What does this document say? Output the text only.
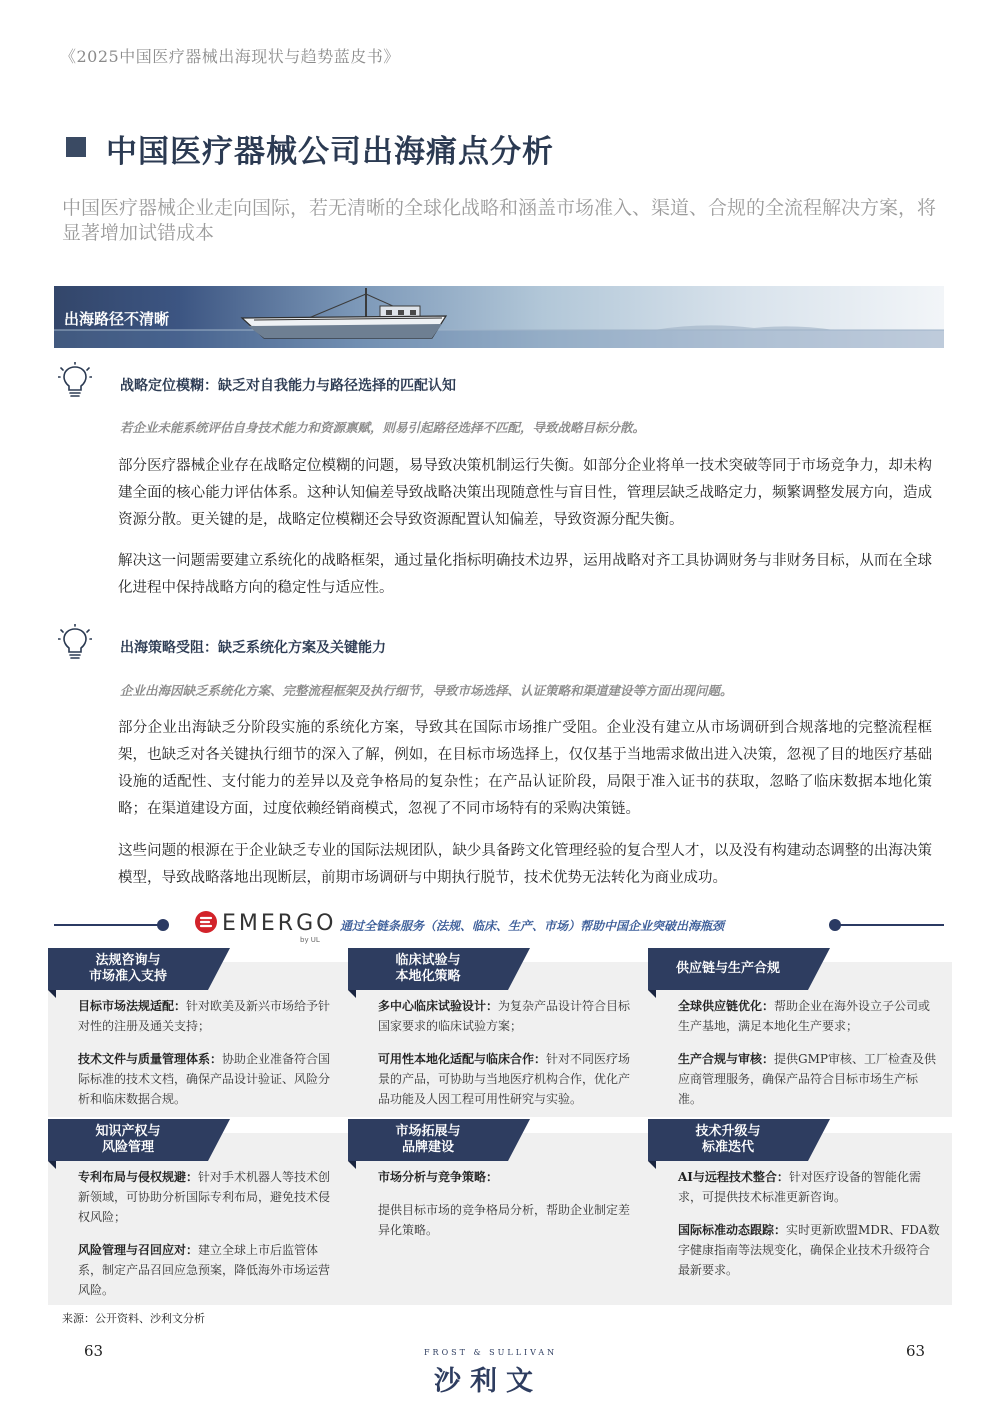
《2025中国医疗器械出海现状与趋势蓝皮书》
中国医疗器械公司出海痛点分析
中国医疗器械企业走向国际，若无清晰的全球化战略和涵盖市场准入、渠道、合规的全流程解决方案，将显著增加试错成本
出海路径不清晰
战略定位模糊：缺乏对自我能力与路径选择的匹配认知
若企业未能系统评估自身技术能力和资源禀赋，则易引起路径选择不匹配，导致战略目标分散。
部分医疗器械企业存在战略定位模糊的问题，易导致决策机制运行失衡。如部分企业将单一技术突破等同于市场竞争力，却未构建全面的核心能力评估体系。这种认知偏差导致战略决策出现随意性与盲目性，管理层缺乏战略定力，频繁调整发展方向，造成资源分散。更关键的是，战略定位模糊还会导致资源配置认知偏差，导致资源分配失衡。
解决这一问题需要建立系统化的战略框架，通过量化指标明确技术边界，运用战略对齐工具协调财务与非财务目标，从而在全球化进程中保持战略方向的稳定性与适应性。
出海策略受阻：缺乏系统化方案及关键能力
企业出海因缺乏系统化方案、完整流程框架及执行细节，导致市场选择、认证策略和渠道建设等方面出现问题。
部分企业出海缺乏分阶段实施的系统化方案，导致其在国际市场推广受阻。企业没有建立从市场调研到合规落地的完整流程框架，也缺乏对各关键执行细节的深入了解，例如，在目标市场选择上，仅仅基于当地需求做出进入决策，忽视了目的地医疗基础设施的适配性、支付能力的差异以及竞争格局的复杂性；在产品认证阶段，局限于准入证书的获取，忽略了临床数据本地化策略；在渠道建设方面，过度依赖经销商模式，忽视了不同市场特有的采购决策链。
这些问题的根源在于企业缺乏专业的国际法规团队，缺少具备跨文化管理经验的复合型人才，以及没有构建动态调整的出海决策模型，导致战略落地出现断层，前期市场调研与中期执行脱节，技术优势无法转化为商业成功。
EMERGO
by UL
通过全链条服务（法规、临床、生产、市场）帮助中国企业突破出海瓶颈
法规咨询与
市场准入支持
目标市场法规适配：针对欧美及新兴市场给予针对性的注册及通关支持；
技术文件与质量管理体系：协助企业准备符合国际标准的技术文档，确保产品设计验证、风险分析和临床数据合规。
临床试验与
本地化策略
多中心临床试验设计：为复杂产品设计符合目标国家要求的临床试验方案；
可用性本地化适配与临床合作：针对不同医疗场景的产品，可协助与当地医疗机构合作，优化产品功能及人因工程可用性研究与实验。
供应链与生产合规
全球供应链优化：帮助企业在海外设立子公司或生产基地，满足本地化生产要求；
生产合规与审核：提供GMP审核、工厂检查及供应商管理服务，确保产品符合目标市场生产标准。
知识产权与
风险管理
专利布局与侵权规避：针对手术机器人等技术创新领域，可协助分析国际专利布局，避免技术侵权风险；
风险管理与召回应对：建立全球上市后监管体系，制定产品召回应急预案，降低海外市场运营风险。
市场拓展与
品牌建设
市场分析与竞争策略：
提供目标市场的竞争格局分析，帮助企业制定差异化策略。
技术升级与
标准迭代
AI与远程技术整合：针对医疗设备的智能化需求，可提供技术标准更新咨询。
国际标准动态跟踪：实时更新欧盟MDR、FDA数字健康指南等法规变化，确保企业技术升级符合最新要求。
来源：公开资料、沙利文分析
63	FROST & SULLIVAN
沙利文
63
